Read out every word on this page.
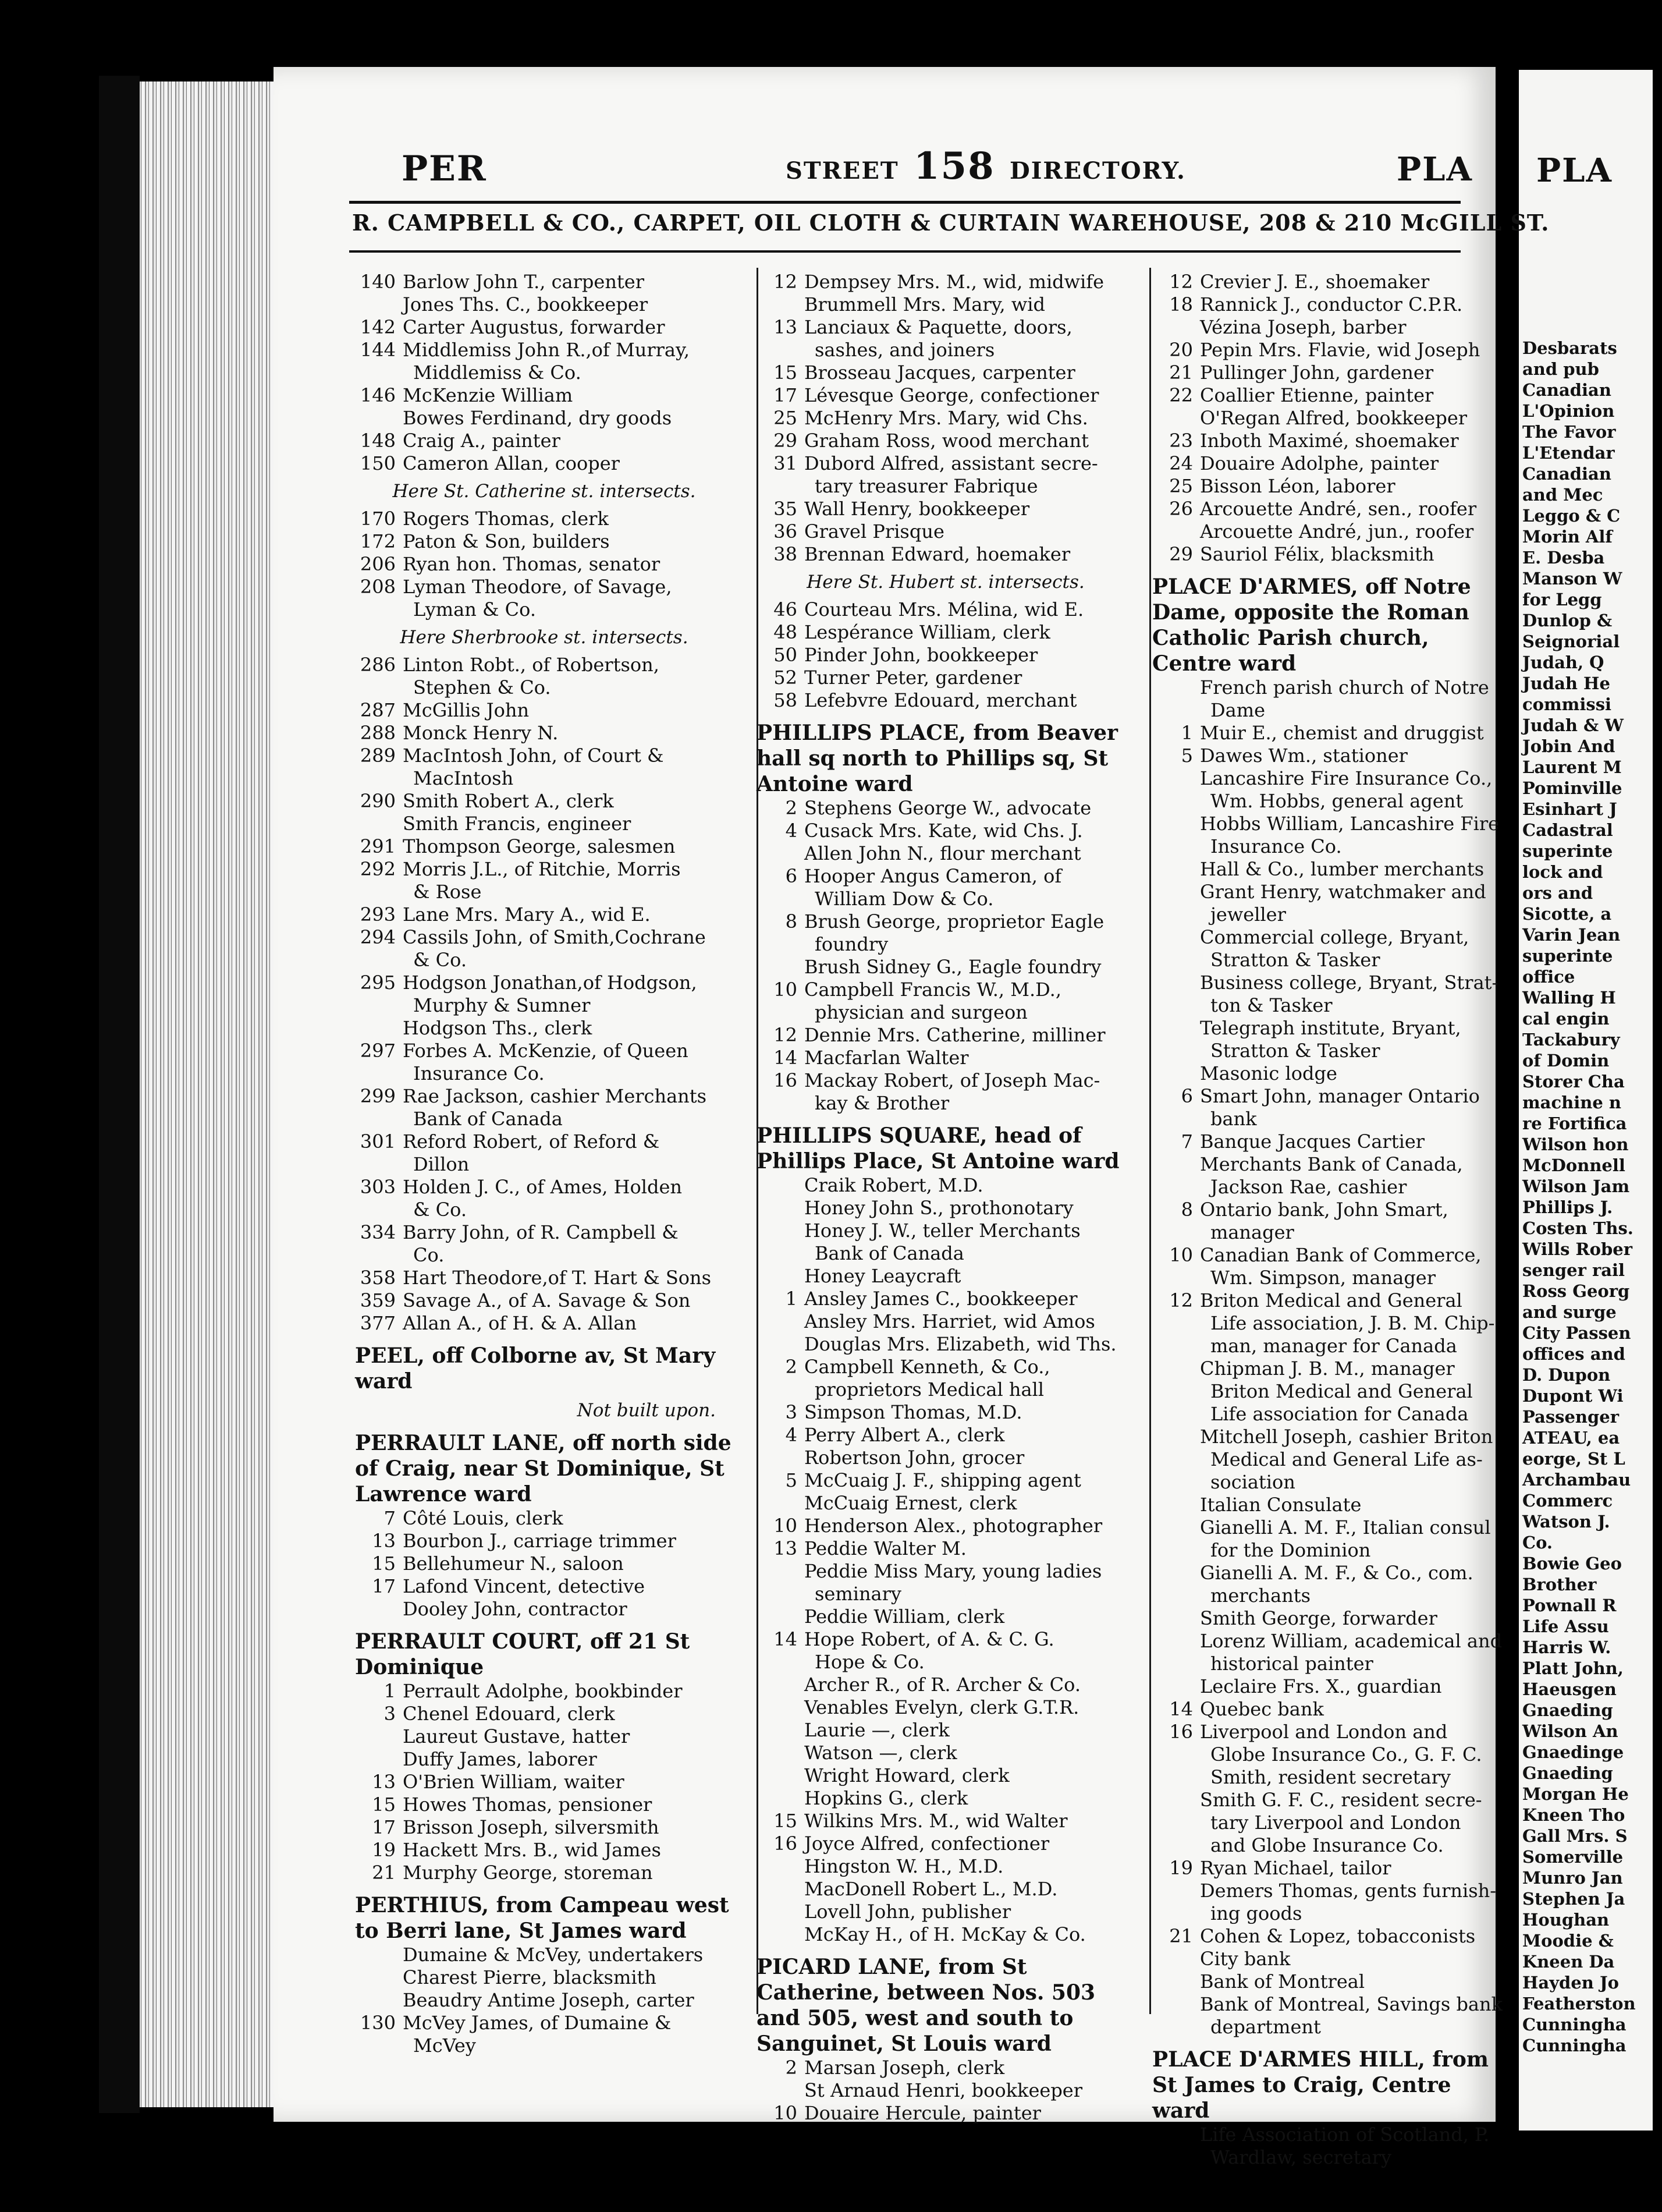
PLA
Desbarats
and pub
Canadian
L'Opinion
The Favor
L'Etendar
Canadian
and Mec
Leggo & C
Morin Alf
E. Desba
Manson W
for Legg
Dunlop &
Seignorial
Judah, Q
Judah He
commissi
Judah & W
Jobin And
Laurent M
Pominville
Esinhart J
Cadastral
superinte
lock and
ors and
Sicotte, a
Varin Jean
superinte
office
Walling H
cal engin
Tackabury
of Domin
Storer Cha
machine n
re Fortifica
Wilson hon
McDonnell
Wilson Jam
Phillips J.
Costen Ths.
Wills Rober
senger rail
Ross Georg
and surge
City Passen
offices and
D. Dupon
Dupont Wi
Passenger
ATEAU, ea
eorge, St L
Archambau
Commerc
Watson J.
Co.
Bowie Geo
Brother
Pownall R
Life Assu
Harris W.
Platt John,
Haeusgen
Gnaeding
Wilson An
Gnaedinge
Gnaeding
Morgan He
Kneen Tho
Gall Mrs. S
Somerville
Munro Jan
Stephen Ja
Houghan
Moodie &
Kneen Da
Hayden Jo
Featherston
Cunningha
Cunningha
PER	STREET 158 DIRECTORY.	PLA
R. CAMPBELL & CO., CARPET, OIL CLOTH & CURTAIN WAREHOUSE, 208 & 210 McGILL ST.
140 Barlow John T., carpenter
Jones Ths. C., bookkeeper
142 Carter Augustus, forwarder
144 Middlemiss John R.,of Murray,
Middlemiss & Co.
146 McKenzie William
Bowes Ferdinand, dry goods
148 Craig A., painter
150 Cameron Allan, cooper
Here St. Catherine st. intersects.
170 Rogers Thomas, clerk
172 Paton & Son, builders
206 Ryan hon. Thomas, senator
208 Lyman Theodore, of Savage,
Lyman & Co.
Here Sherbrooke st. intersects.
286 Linton Robt., of Robertson,
Stephen & Co.
287 McGillis John
288 Monck Henry N.
289 MacIntosh John, of Court &
MacIntosh
290 Smith Robert A., clerk
Smith Francis, engineer
291 Thompson George, salesmen
292 Morris J.L., of Ritchie, Morris
& Rose
293 Lane Mrs. Mary A., wid E.
294 Cassils John, of Smith,Cochrane
& Co.
295 Hodgson Jonathan,of Hodgson,
Murphy & Sumner
Hodgson Ths., clerk
297 Forbes A. McKenzie, of Queen
Insurance Co.
299 Rae Jackson, cashier Merchants
Bank of Canada
301 Reford Robert, of Reford &
Dillon
303 Holden J. C., of Ames, Holden
& Co.
334 Barry John, of R. Campbell &
Co.
358 Hart Theodore,of T. Hart & Sons
359 Savage A., of A. Savage & Son
377 Allan A., of H. & A. Allan
PEEL, off Colborne av, St Mary ward
Not built upon.
PERRAULT LANE, off north side of Craig, near St Dominique, St Lawrence ward
7 Côté Louis, clerk
13 Bourbon J., carriage trimmer
15 Bellehumeur N., saloon
17 Lafond Vincent, detective
Dooley John, contractor
PERRAULT COURT, off 21 St Dominique
1 Perrault Adolphe, bookbinder
3 Chenel Edouard, clerk
Laureut Gustave, hatter
Duffy James, laborer
13 O'Brien William, waiter
15 Howes Thomas, pensioner
17 Brisson Joseph, silversmith
19 Hackett Mrs. B., wid James
21 Murphy George, storeman
PERTHIUS, from Campeau west to Berri lane, St James ward
Dumaine & McVey, undertakers
Charest Pierre, blacksmith
Beaudry Antime Joseph, carter
130 McVey James, of Dumaine &
McVey
12 Dempsey Mrs. M., wid, midwife
Brummell Mrs. Mary, wid
13 Lanciaux & Paquette, doors,
sashes, and joiners
15 Brosseau Jacques, carpenter
17 Lévesque George, confectioner
25 McHenry Mrs. Mary, wid Chs.
29 Graham Ross, wood merchant
31 Dubord Alfred, assistant secre-
tary treasurer Fabrique
35 Wall Henry, bookkeeper
36 Gravel Prisque
38 Brennan Edward, hoemaker
Here St. Hubert st. intersects.
46 Courteau Mrs. Mélina, wid E.
48 Lespérance William, clerk
50 Pinder John, bookkeeper
52 Turner Peter, gardener
58 Lefebvre Edouard, merchant
PHILLIPS PLACE, from Beaver hall sq north to Phillips sq, St Antoine ward
2 Stephens George W., advocate
4 Cusack Mrs. Kate, wid Chs. J.
Allen John N., flour merchant
6 Hooper Angus Cameron, of
William Dow & Co.
8 Brush George, proprietor Eagle
foundry
Brush Sidney G., Eagle foundry
10 Campbell Francis W., M.D.,
physician and surgeon
12 Dennie Mrs. Catherine, milliner
14 Macfarlan Walter
16 Mackay Robert, of Joseph Mac-
kay & Brother
PHILLIPS SQUARE, head of Phillips Place, St Antoine ward
Craik Robert, M.D.
Honey John S., prothonotary
Honey J. W., teller Merchants
Bank of Canada
Honey Leaycraft
1 Ansley James C., bookkeeper
Ansley Mrs. Harriet, wid Amos
Douglas Mrs. Elizabeth, wid Ths.
2 Campbell Kenneth, & Co.,
proprietors Medical hall
3 Simpson Thomas, M.D.
4 Perry Albert A., clerk
Robertson John, grocer
5 McCuaig J. F., shipping agent
McCuaig Ernest, clerk
10 Henderson Alex., photographer
13 Peddie Walter M.
Peddie Miss Mary, young ladies
seminary
Peddie William, clerk
14 Hope Robert, of A. & C. G.
Hope & Co.
Archer R., of R. Archer & Co.
Venables Evelyn, clerk G.T.R.
Laurie —, clerk
Watson —, clerk
Wright Howard, clerk
Hopkins G., clerk
15 Wilkins Mrs. M., wid Walter
16 Joyce Alfred, confectioner
Hingston W. H., M.D.
MacDonell Robert L., M.D.
Lovell John, publisher
McKay H., of H. McKay & Co.
PICARD LANE, from St Catherine, between Nos. 503 and 505, west and south to Sanguinet, St Louis ward
2 Marsan Joseph, clerk
St Arnaud Henri, bookkeeper
10 Douaire Hercule, painter
12 Crevier J. E., shoemaker
18 Rannick J., conductor C.P.R.
Vézina Joseph, barber
20 Pepin Mrs. Flavie, wid Joseph
21 Pullinger John, gardener
22 Coallier Etienne, painter
O'Regan Alfred, bookkeeper
23 Inboth Maximé, shoemaker
24 Douaire Adolphe, painter
25 Bisson Léon, laborer
26 Arcouette André, sen., roofer
Arcouette André, jun., roofer
29 Sauriol Félix, blacksmith
PLACE D'ARMES, off Notre Dame, opposite the Roman Catholic Parish church, Centre ward
French parish church of Notre
Dame
1 Muir E., chemist and druggist
5 Dawes Wm., stationer
Lancashire Fire Insurance Co.,
Wm. Hobbs, general agent
Hobbs William, Lancashire Fire
Insurance Co.
Hall & Co., lumber merchants
Grant Henry, watchmaker and
jeweller
Commercial college, Bryant,
Stratton & Tasker
Business college, Bryant, Strat-
ton & Tasker
Telegraph institute, Bryant,
Stratton & Tasker
Masonic lodge
6 Smart John, manager Ontario
bank
7 Banque Jacques Cartier
Merchants Bank of Canada,
Jackson Rae, cashier
8 Ontario bank, John Smart,
manager
10 Canadian Bank of Commerce,
Wm. Simpson, manager
12 Briton Medical and General
Life association, J. B. M. Chip-
man, manager for Canada
Chipman J. B. M., manager
Briton Medical and General
Life association for Canada
Mitchell Joseph, cashier Briton
Medical and General Life as-
sociation
Italian Consulate
Gianelli A. M. F., Italian consul
for the Dominion
Gianelli A. M. F., & Co., com.
merchants
Smith George, forwarder
Lorenz William, academical and
historical painter
Leclaire Frs. X., guardian
14 Quebec bank
16 Liverpool and London and
Globe Insurance Co., G. F. C.
Smith, resident secretary
Smith G. F. C., resident secre-
tary Liverpool and London
and Globe Insurance Co.
19 Ryan Michael, tailor
Demers Thomas, gents furnish-
ing goods
21 Cohen & Lopez, tobacconists
City bank
Bank of Montreal
Bank of Montreal, Savings bank
department
PLACE D'ARMES HILL, from St James to Craig, Centre ward
Life Association of Scotland, P.
Wardlaw, secretary
